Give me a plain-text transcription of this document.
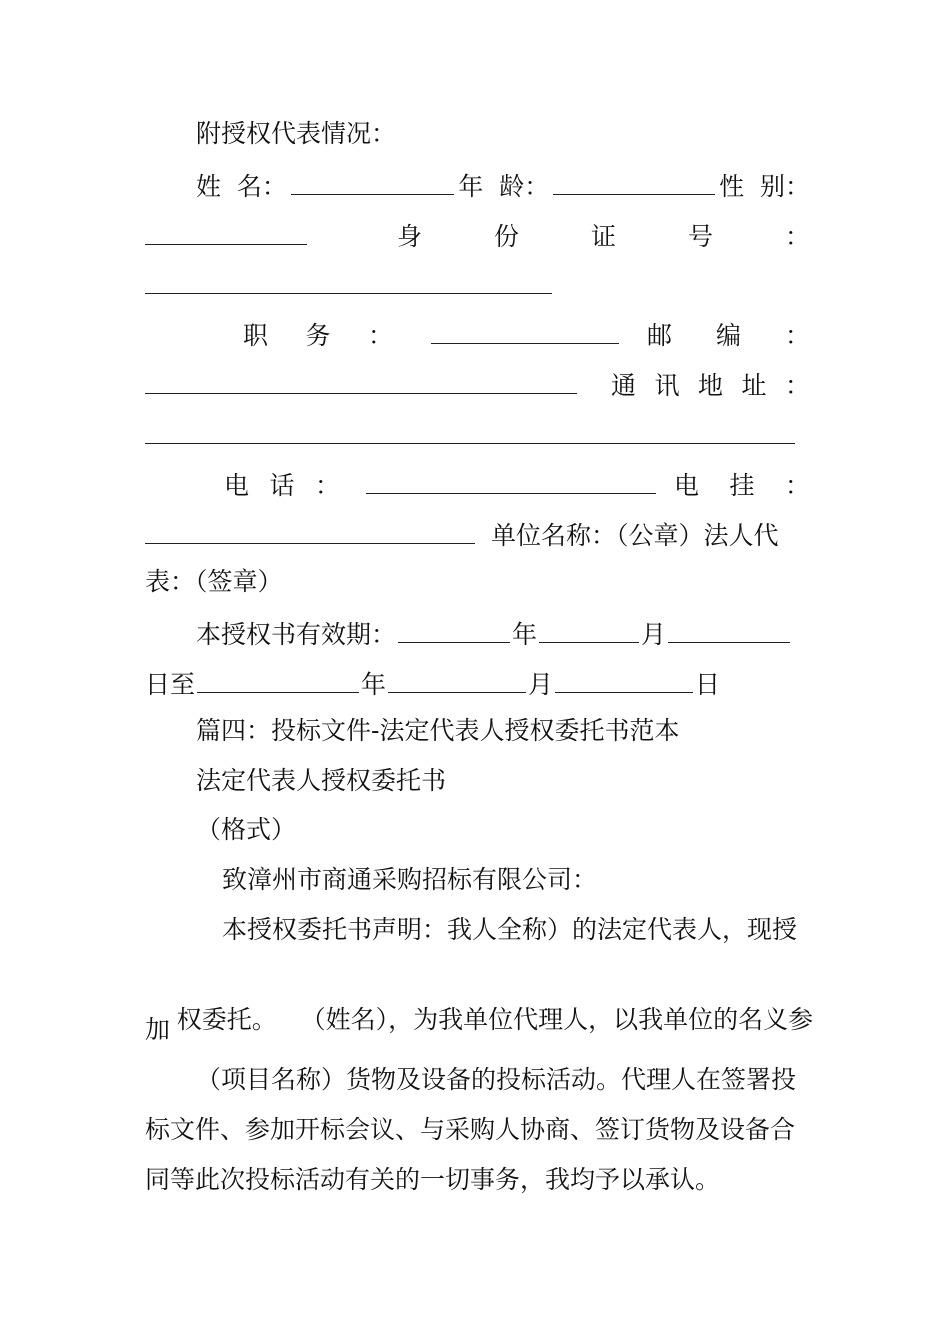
附授权代表情况：
姓  名：	年  龄：	性  别：
身	份	证	号	：
职 务 ：	邮 编 ：
通 讯 地 址 ：
电 话 ：	电 挂 ：
单位名称：（公章）法人代
表：（签章）
本授权书有效期：	年	月
日至	年	月	日
篇四：投标文件-法定代表人授权委托书范本
法定代表人授权委托书
（格式）
致漳州市商通采购招标有限公司：
本授权委托书声明：我人全称）的法定代表人，现授

权委托。   （姓名），为我单位代理人，以我单位的名义参

加
（项目名称）货物及设备的投标活动。代理人在签署投
标文件、参加开标会议、与采购人协商、签订货物及设备合
同等此次投标活动有关的一切事务，我均予以承认。
